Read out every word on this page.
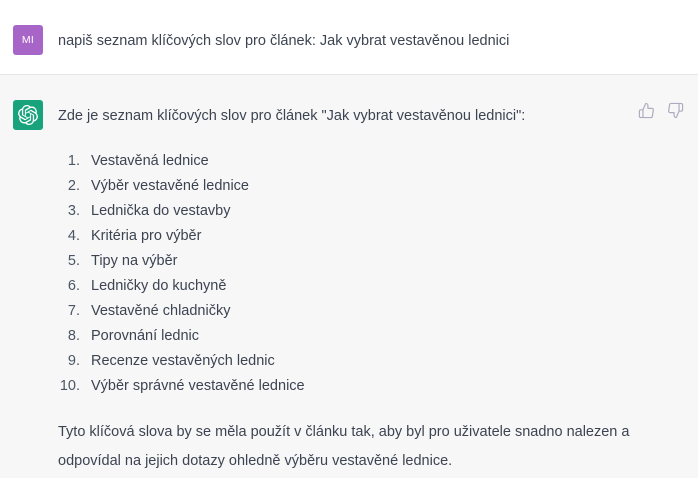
MI	napiš seznam klíčových slov pro článek: Jak vybrat vestavěnou lednici

Zde je seznam klíčových slov pro článek "Jak vybrat vestavěnou lednici":

1. Vestavěná lednice
2. Výběr vestavěné lednice
3. Lednička do vestavby
4. Kritéria pro výběr
5. Tipy na výběr
6. Ledničky do kuchyně
7. Vestavěné chladničky
8. Porovnání lednic
9. Recenze vestavěných lednic
10. Výběr správné vestavěné lednice

Tyto klíčová slova by se měla použít v článku tak, aby byl pro uživatele snadno nalezen a odpovídal na jejich dotazy ohledně výběru vestavěné lednice.
